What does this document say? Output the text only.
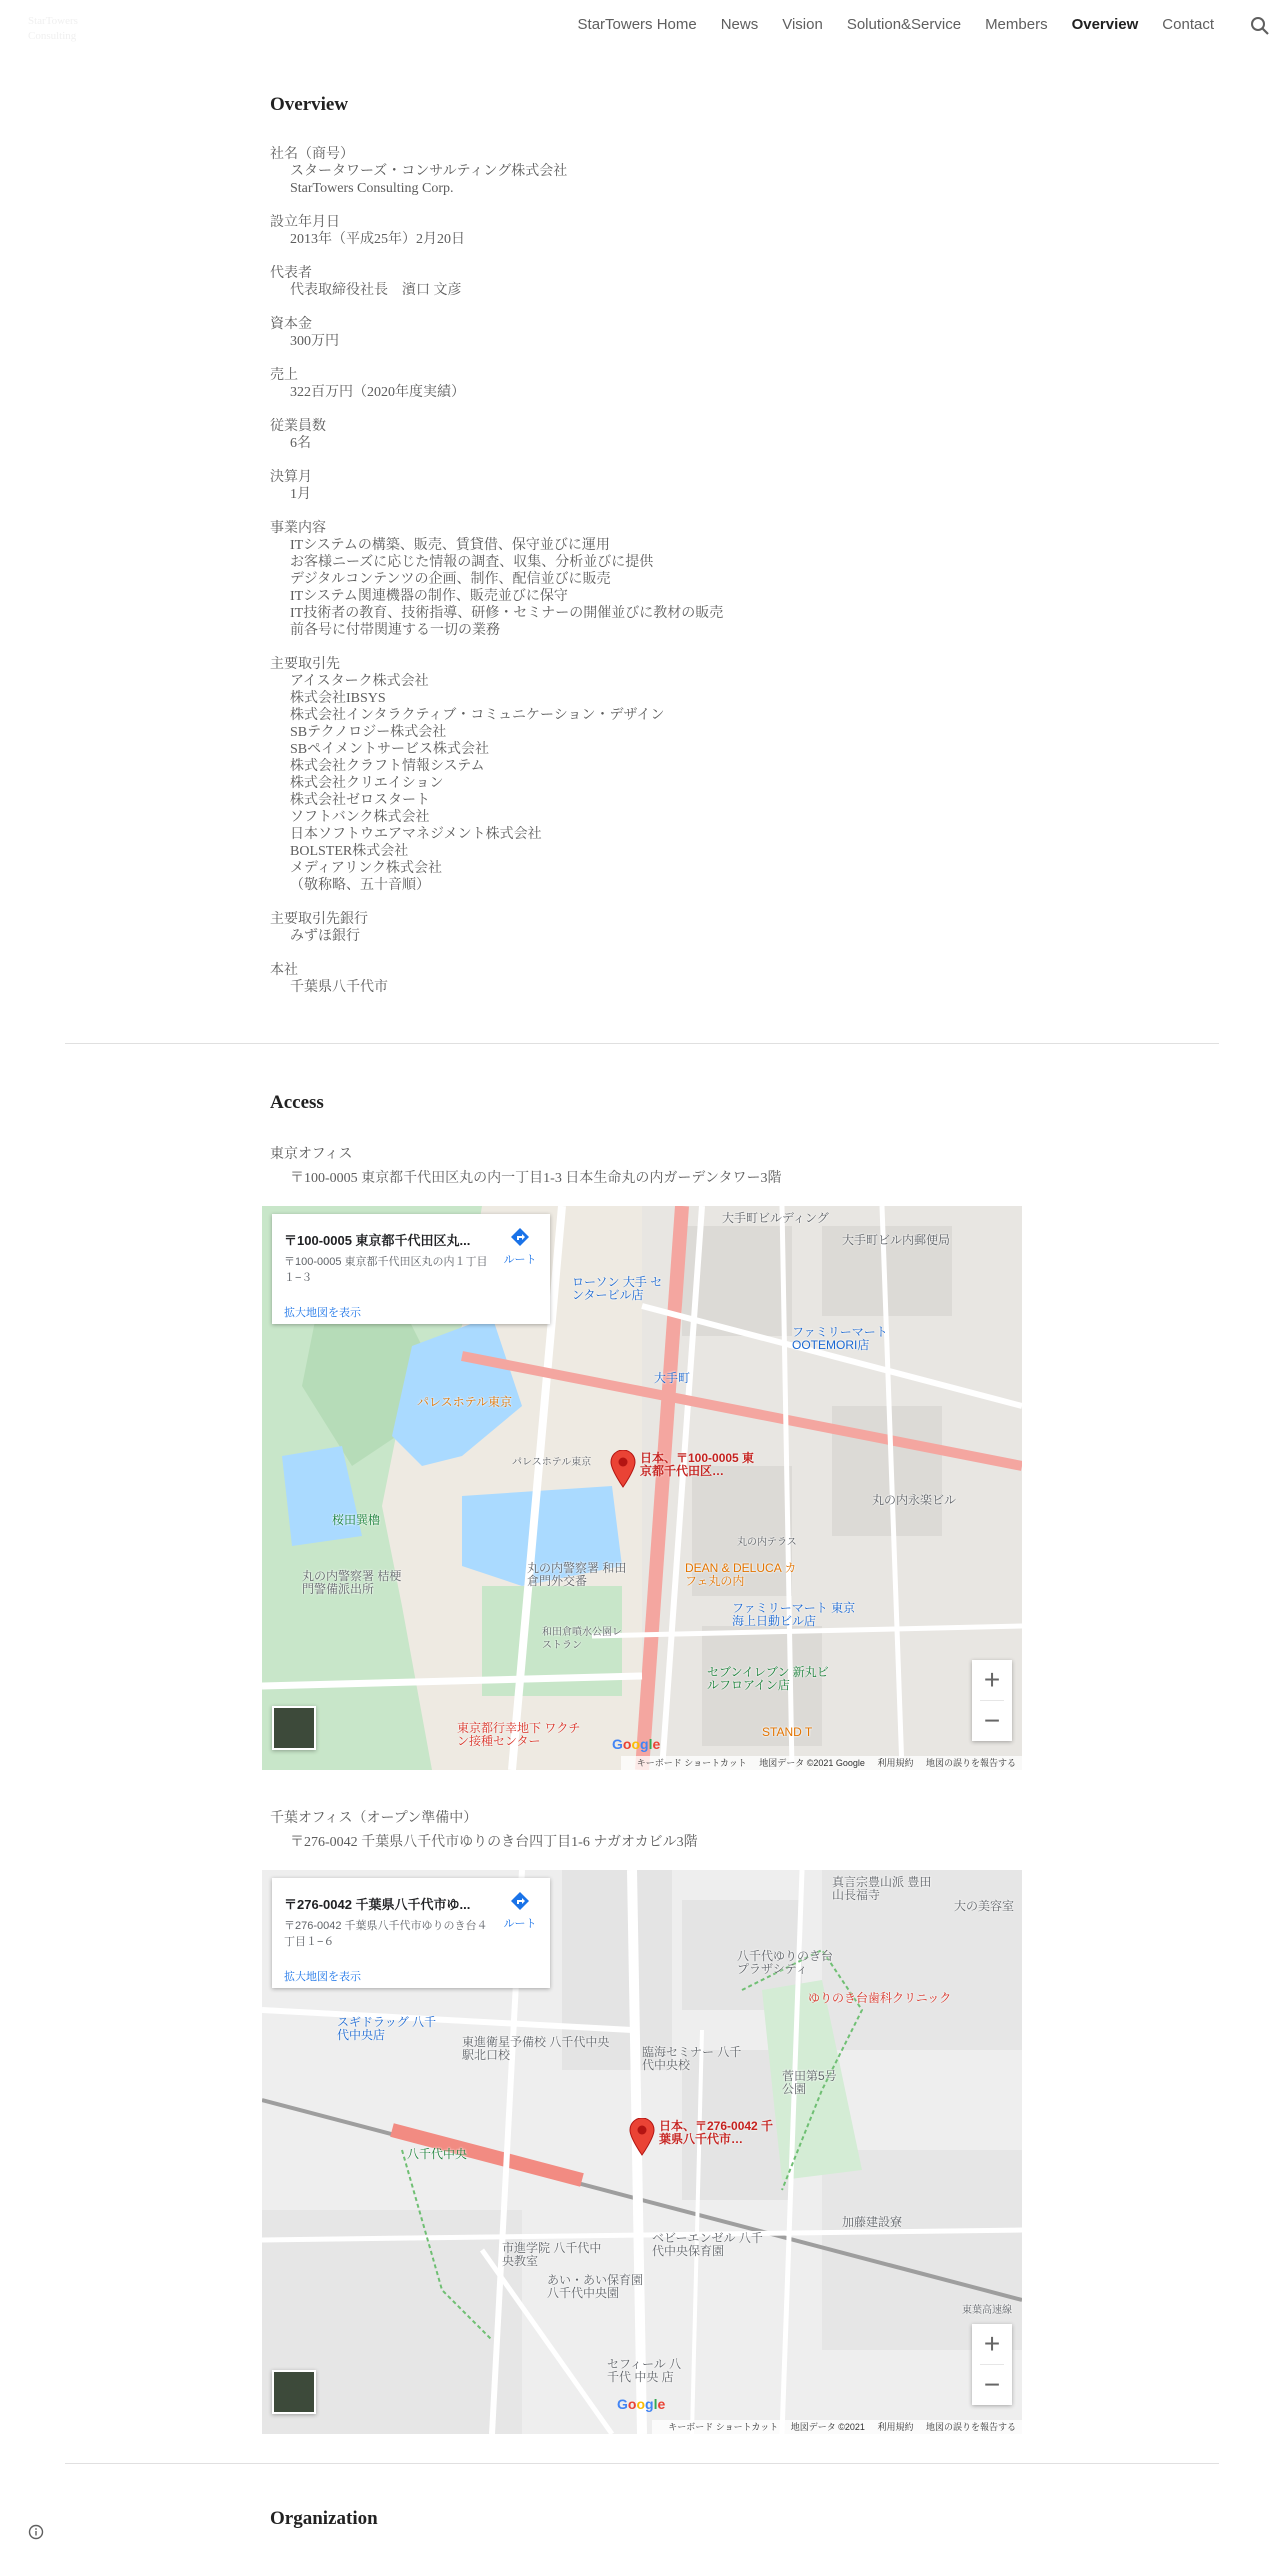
StarTowers Consulting
StarTowers Home News Vision Solution&Service Members Overview Contact
Overview
社名（商号）
スタータワーズ・コンサルティング株式会社
StarTowers Consulting Corp.
設立年月日
2013年（平成25年）2月20日
代表者
代表取締役社長　濱口 文彦
資本金
300万円
売上
322百万円（2020年度実績）
従業員数
6名
決算月
1月
事業内容
ITシステムの構築、販売、賃貸借、保守並びに運用
お客様ニーズに応じた情報の調査、収集、分析並びに提供
デジタルコンテンツの企画、制作、配信並びに販売
ITシステム関連機器の制作、販売並びに保守
IT技術者の教育、技術指導、研修・セミナーの開催並びに教材の販売
前各号に付帯関連する一切の業務
主要取引先
アイスターク株式会社
株式会社IBSYS
株式会社インタラクティブ・コミュニケーション・デザイン
SBテクノロジー株式会社
SBペイメントサービス株式会社
株式会社クラフト情報システム
株式会社クリエイション
株式会社ゼロスタート
ソフトバンク株式会社
日本ソフトウエアマネジメント株式会社
BOLSTER株式会社
メディアリンク株式会社
（敬称略、五十音順）
主要取引先銀行
みずほ銀行
本社
千葉県八千代市
Access
東京オフィス
〒100-0005 東京都千代田区丸の内一丁目1-3 日本生命丸の内ガーデンタワー3階
大手町ビルディング
大手町ビル内郵便局
ローソン 大手 センタービル店
ファミリーマート OOTEMORI店
大手町
パレスホテル東京
パレスホテル東京
丸の内永楽ビル
丸の内テラス
桜田巽櫓
丸の内警察署 桔梗門警備派出所
丸の内警察署 和田倉門外交番
DEAN & DELUCA カフェ丸の内
ファミリーマート 東京海上日動ビル店
セブンイレブン 新丸ビルフロアイン店
東京都行幸地下 ワクチン接種センター
和田倉噴水公園レストラン
STAND T
日本、〒100-0005 東京都千代田区…
〒100-0005 東京都千代田区丸...
〒100-0005 東京都千代田区丸の内１丁目１−３
拡大地図を表示
ルート
Google
+
−
キーボード ショートカット 地図データ ©2021 Google 利用規約 地図の誤りを報告する
千葉オフィス（オープン準備中）
〒276-0042 千葉県八千代市ゆりのき台四丁目1-6 ナガオカビル3階
真言宗豊山派 豊田山長福寺
大の美容室
八千代ゆりのき台 プラザシティ
ゆりのき台歯科クリニック
スギドラッグ 八千代中央店	東進衛星予備校 八千代中央駅北口校	臨海セミナー 八千代中央校
菅田第5号公園
八千代中央
加藤建設寮
ベビーエンゼル 八千代中央保育園
市進学院 八千代中央教室
あい・あい保育園 八千代中央園
セフィール 八千代 中央 店
東葉高速線
日本、〒276-0042 千葉県八千代市…
〒276-0042 千葉県八千代市ゆ...
〒276-0042 千葉県八千代市ゆりのき台４丁目１−６
拡大地図を表示
ルート
Google
+
−
キーボード ショートカット 地図データ ©2021 利用規約 地図の誤りを報告する
Organization
